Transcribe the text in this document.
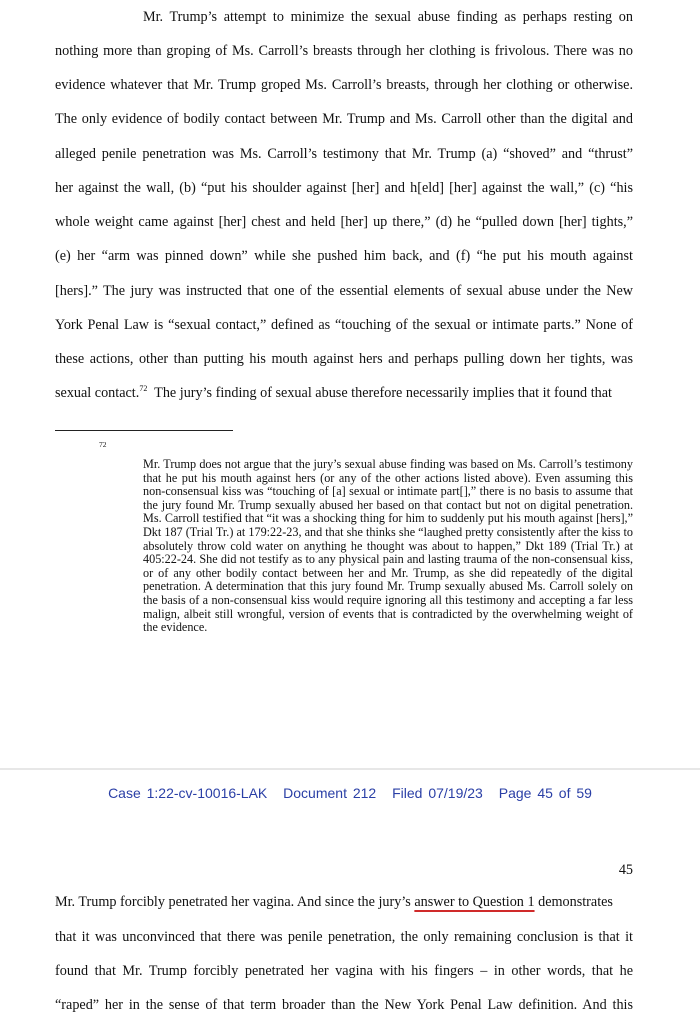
Mr. Trump’s attempt to minimize the sexual abuse finding as perhaps resting on
nothing more than groping of Ms. Carroll’s breasts through her clothing is frivolous. There was no
evidence whatever that Mr. Trump groped Ms. Carroll’s breasts, through her clothing or otherwise.
The only evidence of bodily contact between Mr. Trump and Ms. Carroll other than the digital and
alleged penile penetration was Ms. Carroll’s testimony that Mr. Trump (a) “shoved” and “thrust”
her against the wall, (b) “put his shoulder against [her] and h[eld] [her] against the wall,” (c) “his
whole weight came against [her] chest and held [her] up there,” (d) he “pulled down [her] tights,”
(e) her “arm was pinned down” while she pushed him back, and (f) “he put his mouth against
[hers].” The jury was instructed that one of the essential elements of sexual abuse under the New
York Penal Law is “sexual contact,” defined as “touching of the sexual or intimate parts.” None of
these actions, other than putting his mouth against hers and perhaps pulling down her tights, was
sexual contact.$^{72}$ The jury’s finding of sexual abuse therefore necessarily implies that it found that
72

Mr. Trump does not argue that the jury’s sexual abuse finding was based on Ms. Carroll’s testimony that he put his mouth against hers (or any of the other actions listed above). Even assuming this non-consensual kiss was “touching of [a] sexual or intimate part[],” there is no basis to assume that the jury found Mr. Trump sexually abused her based on that contact but not on digital penetration. Ms. Carroll testified that “it was a shocking thing for him to suddenly put his mouth against [hers],” Dkt 187 (Trial Tr.) at 179:22-23, and that she thinks she “laughed pretty consistently after the kiss to absolutely throw cold water on anything he thought was about to happen,” Dkt 189 (Trial Tr.) at 405:22-24. She did not testify as to any physical pain and lasting trauma of the non-consensual kiss, or of any other bodily contact between her and Mr. Trump, as she did repeatedly of the digital penetration. A determination that this jury found Mr. Trump sexually abused Ms. Carroll solely on the basis of a non-consensual kiss would require ignoring all this testimony and accepting a far less malign, albeit still wrongful, version of events that is contradicted by the overwhelming weight of the evidence.

Case 1:22-cv-10016-LAK Document 212 Filed 07/19/23 Page 45 of 59
45
Mr. Trump forcibly penetrated her vagina. And since the jury’s answer to Question 1 demonstrates
that it was unconvinced that there was penile penetration, the only remaining conclusion is that it
found that Mr. Trump forcibly penetrated her vagina with his fingers – in other words, that he
“raped” her in the sense of that term broader than the New York Penal Law definition. And this
